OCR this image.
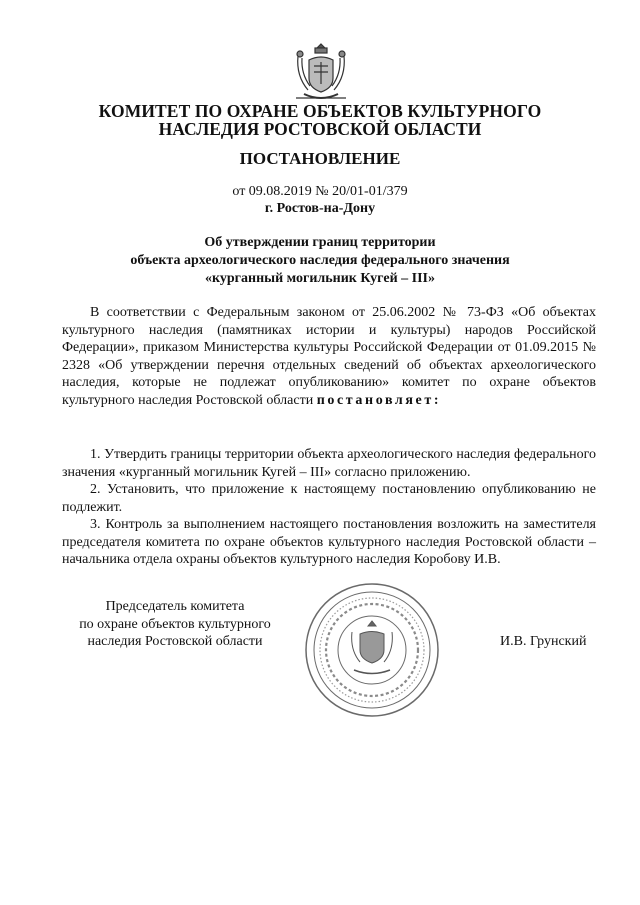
КОМИТЕТ ПО ОХРАНЕ ОБЪЕКТОВ КУЛЬТУРНОГО
НАСЛЕДИЯ РОСТОВСКОЙ ОБЛАСТИ
ПОСТАНОВЛЕНИЕ
от 09.08.2019 № 20/01-01/379
г. Ростов-на-Дону
Об утверждении границ территории
объекта археологического наследия федерального значения
«курганный могильник Кугей – III»

В соответствии с Федеральным законом от 25.06.2002 № 73-ФЗ «Об объектах культурного наследия (памятниках истории и культуры) народов Российской Федерации», приказом Министерства культуры Российской Федерации от 01.09.2015 № 2328 «Об утверждении перечня отдельных сведений об объектах археологического наследия, которые не подлежат опубликованию» комитет по охране объектов культурного наследия Ростовской области постановляет:

1. Утвердить границы территории объекта археологического наследия федерального значения «курганный могильник Кугей – III» согласно приложению.

2. Установить, что приложение к настоящему постановлению опубликованию не подлежит.

3. Контроль за выполнением настоящего постановления возложить на заместителя председателя комитета по охране объектов культурного наследия Ростовской области – начальника отдела охраны объектов культурного наследия Коробову И.В.

Председатель комитета
по охране объектов культурного
наследия Ростовской области	И.В. Грунский
